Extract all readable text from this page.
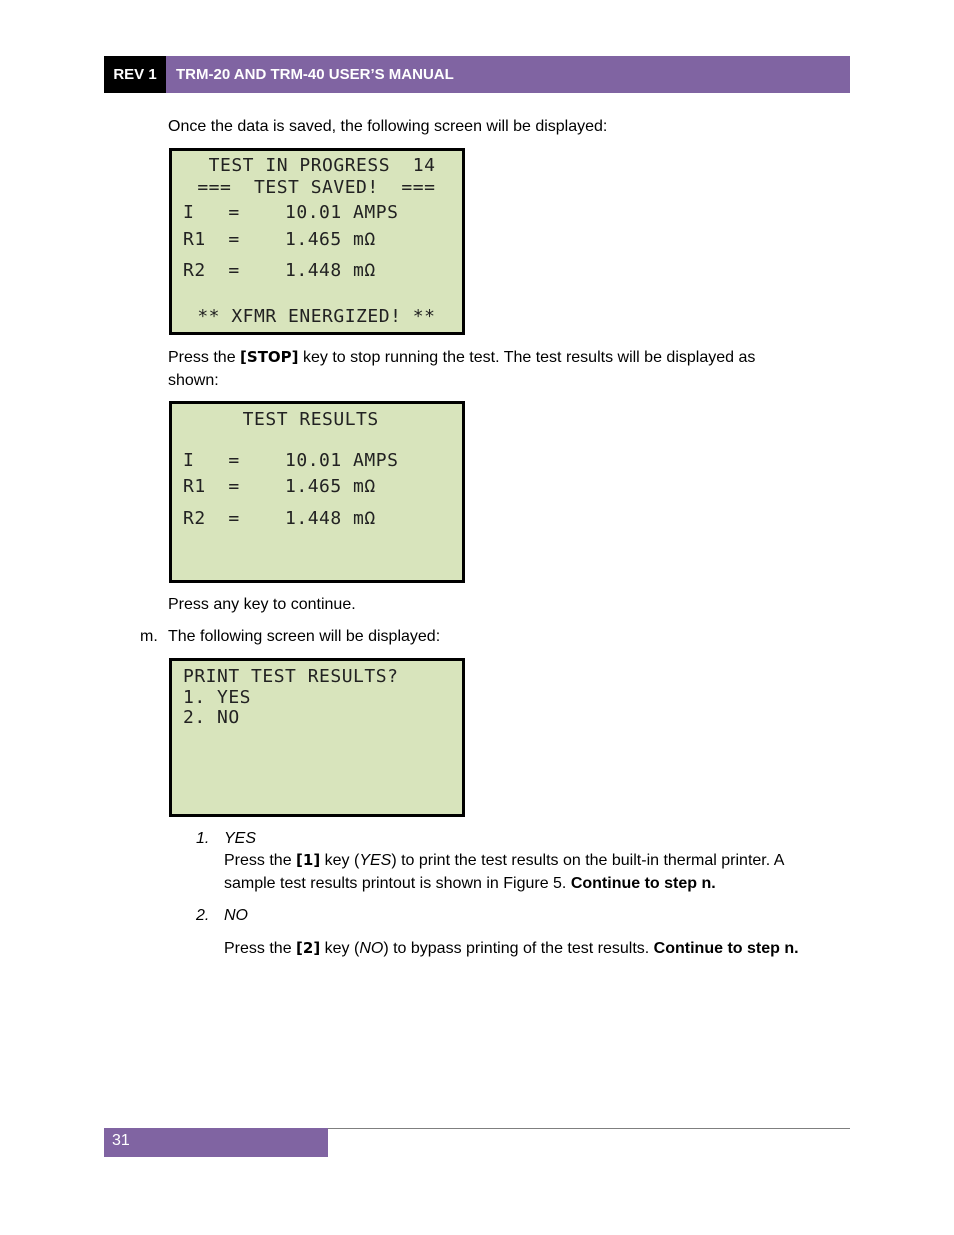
REV 1	TRM-20 AND TRM-40 USER’S MANUAL
Once the data is saved, the following screen will be displayed:
TEST IN PROGRESS  14
===  TEST SAVED!  ===
I   =    10.01 AMPS
R1  =    1.465 mΩ
R2  =    1.448 mΩ
** XFMR ENERGIZED! **
Press the [STOP] key to stop running the test. The test results will be displayed as
shown:
TEST RESULTS
I   =    10.01 AMPS
R1  =    1.465 mΩ
R2  =    1.448 mΩ
Press any key to continue.
m. The following screen will be displayed:
PRINT TEST RESULTS?
1. YES
2. NO
1. YES
Press the [1] key (YES) to print the test results on the built-in thermal printer. A
sample test results printout is shown in Figure 5. Continue to step n.
2. NO
Press the [2] key (NO) to bypass printing of the test results. Continue to step n.
31
